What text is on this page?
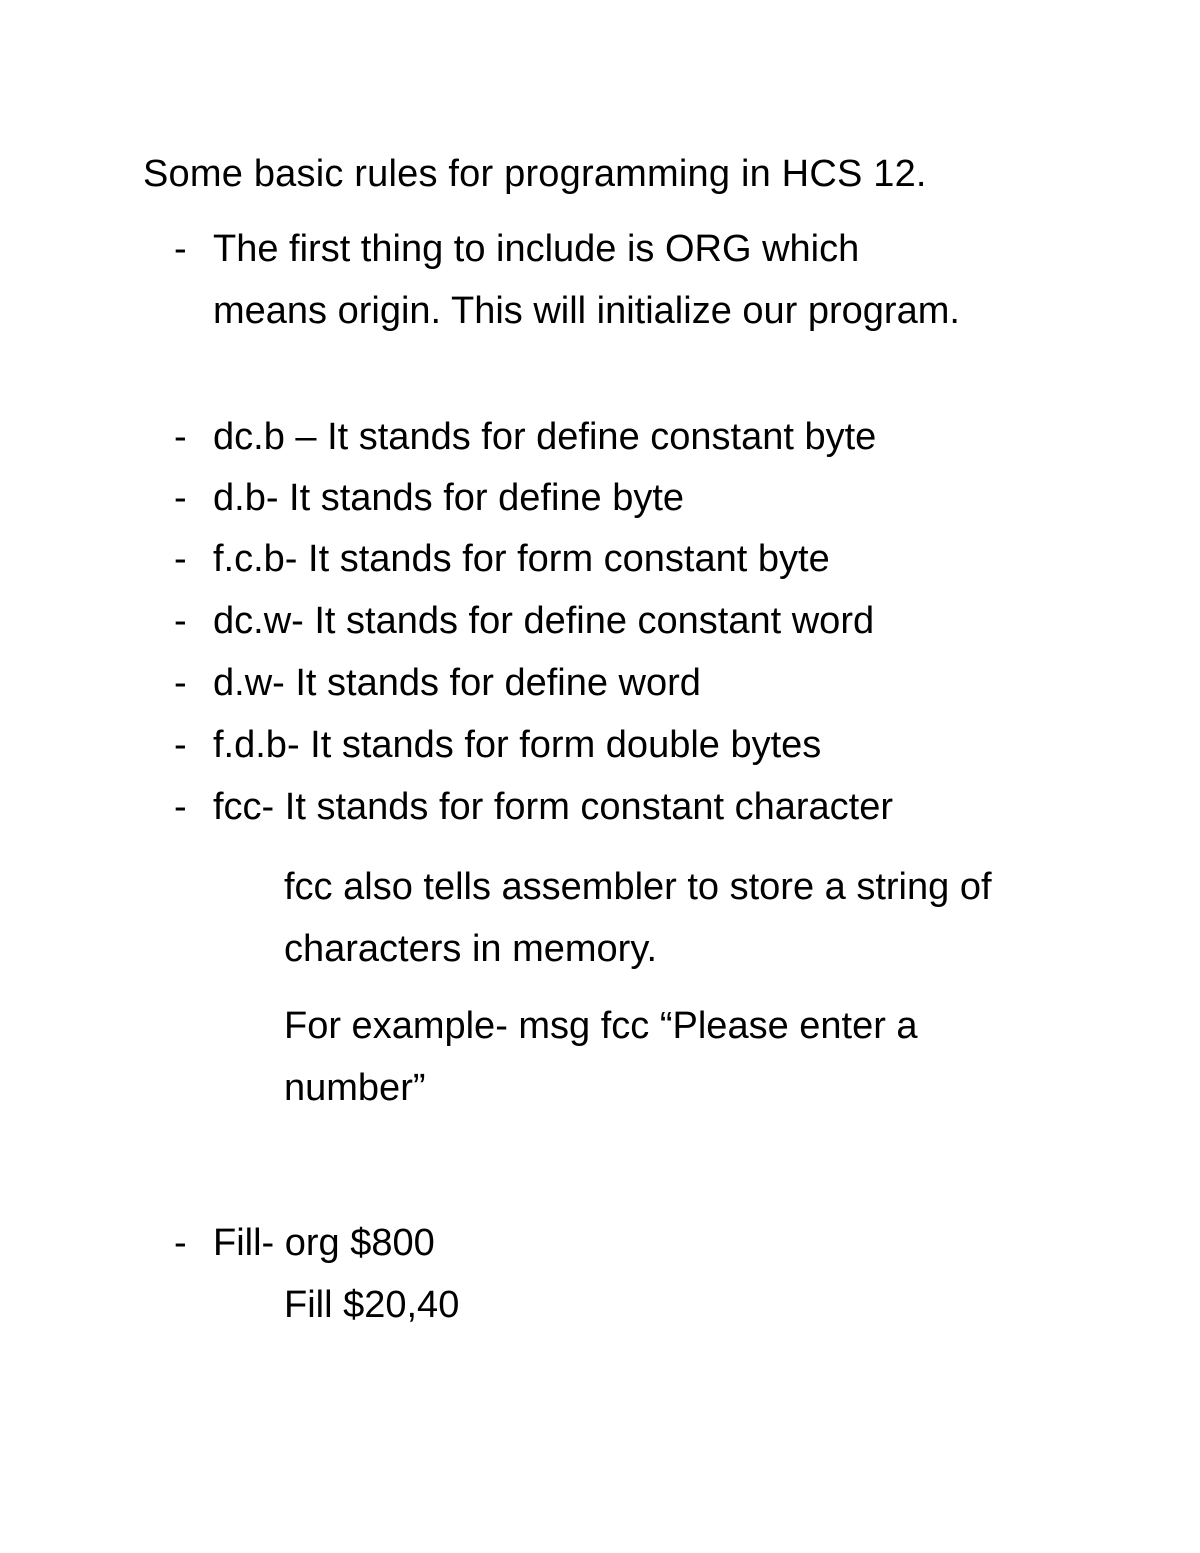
Some basic rules for programming in HCS 12.
- The first thing to include is ORG which means origin. This will initialize our program.
- dc.b – It stands for define constant byte
- d.b- It stands for define byte
- f.c.b- It stands for form constant byte
- dc.w- It stands for define constant word
- d.w- It stands for define word
- f.d.b- It stands for form double bytes
- fcc- It stands for form constant character
fcc also tells assembler to store a string of characters in memory.
For example- msg fcc “Please enter a number”
- Fill- org $800
Fill $20,40
